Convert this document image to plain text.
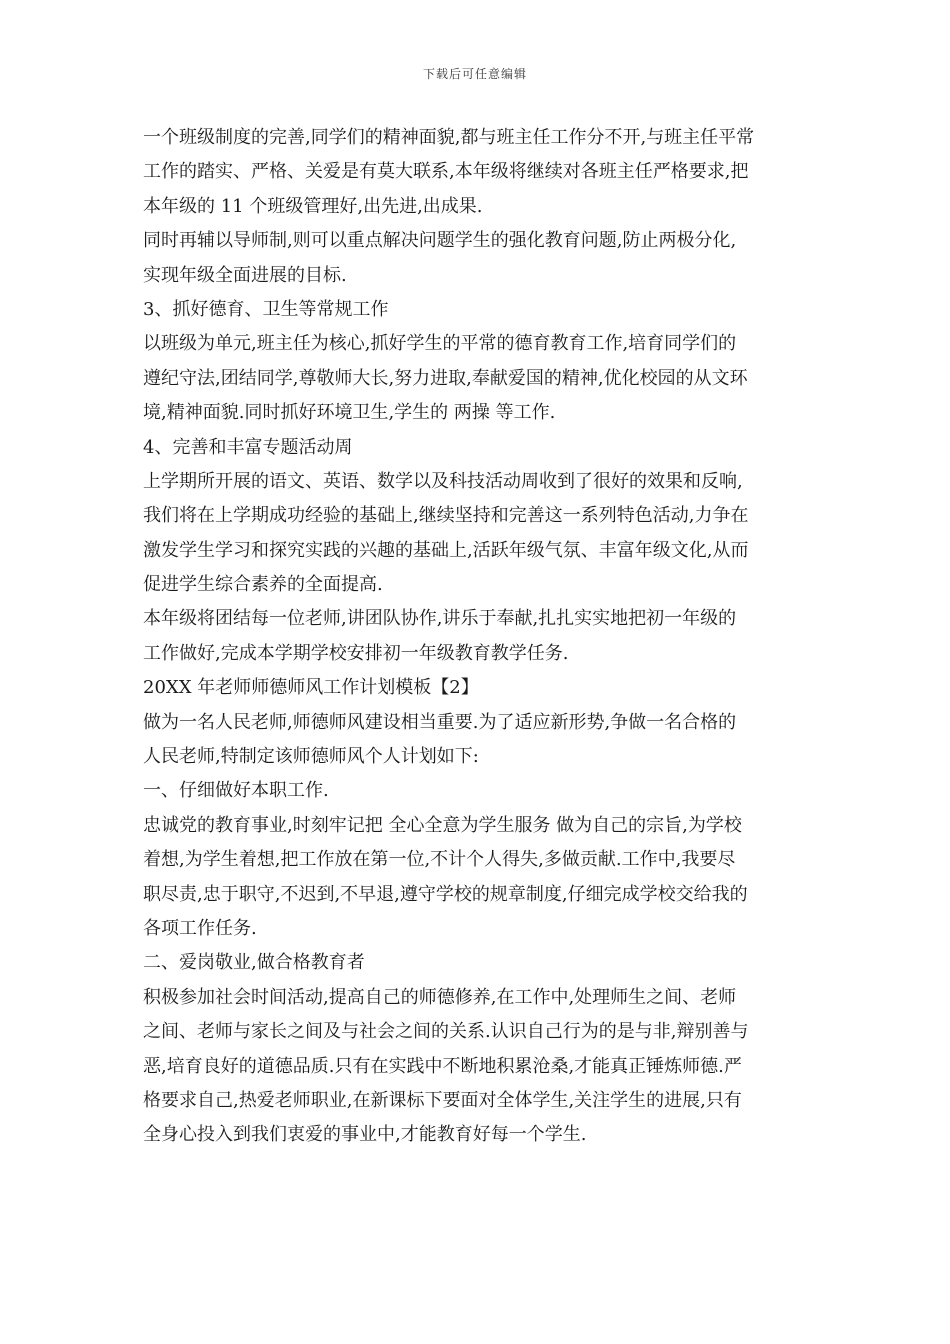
下载后可任意编辑
一个班级制度的完善,同学们的精神面貌,都与班主任工作分不开,与班主任平常
工作的踏实、严格、关爱是有莫大联系,本年级将继续对各班主任严格要求,把
本年级的 11 个班级管理好,出先进,出成果.
同时再辅以导师制,则可以重点解决问题学生的强化教育问题,防止两极分化,
实现年级全面进展的目标.
3、抓好德育、卫生等常规工作
以班级为单元,班主任为核心,抓好学生的平常的德育教育工作,培育同学们的
遵纪守法,团结同学,尊敬师大长,努力进取,奉献爱国的精神,优化校园的从文环
境,精神面貌.同时抓好环境卫生,学生的 两操 等工作.
4、完善和丰富专题活动周
上学期所开展的语文、英语、数学以及科技活动周收到了很好的效果和反响,
我们将在上学期成功经验的基础上,继续坚持和完善这一系列特色活动,力争在
激发学生学习和探究实践的兴趣的基础上,活跃年级气氛、丰富年级文化,从而
促进学生综合素养的全面提高.
本年级将团结每一位老师,讲团队协作,讲乐于奉献,扎扎实实地把初一年级的
工作做好,完成本学期学校安排初一年级教育教学任务.
20XX 年老师师德师风工作计划模板【2】
做为一名人民老师,师德师风建设相当重要.为了适应新形势,争做一名合格的
人民老师,特制定该师德师风个人计划如下:
一、仔细做好本职工作.
忠诚党的教育事业,时刻牢记把 全心全意为学生服务 做为自己的宗旨,为学校
着想,为学生着想,把工作放在第一位,不计个人得失,多做贡献.工作中,我要尽
职尽责,忠于职守,不迟到,不早退,遵守学校的规章制度,仔细完成学校交给我的
各项工作任务.
二、爱岗敬业,做合格教育者
积极参加社会时间活动,提高自己的师德修养,在工作中,处理师生之间、老师
之间、老师与家长之间及与社会之间的关系.认识自己行为的是与非,辩别善与
恶,培育良好的道德品质.只有在实践中不断地积累沧桑,才能真正锤炼师德.严
格要求自己,热爱老师职业,在新课标下要面对全体学生,关注学生的进展,只有
全身心投入到我们衷爱的事业中,才能教育好每一个学生.
